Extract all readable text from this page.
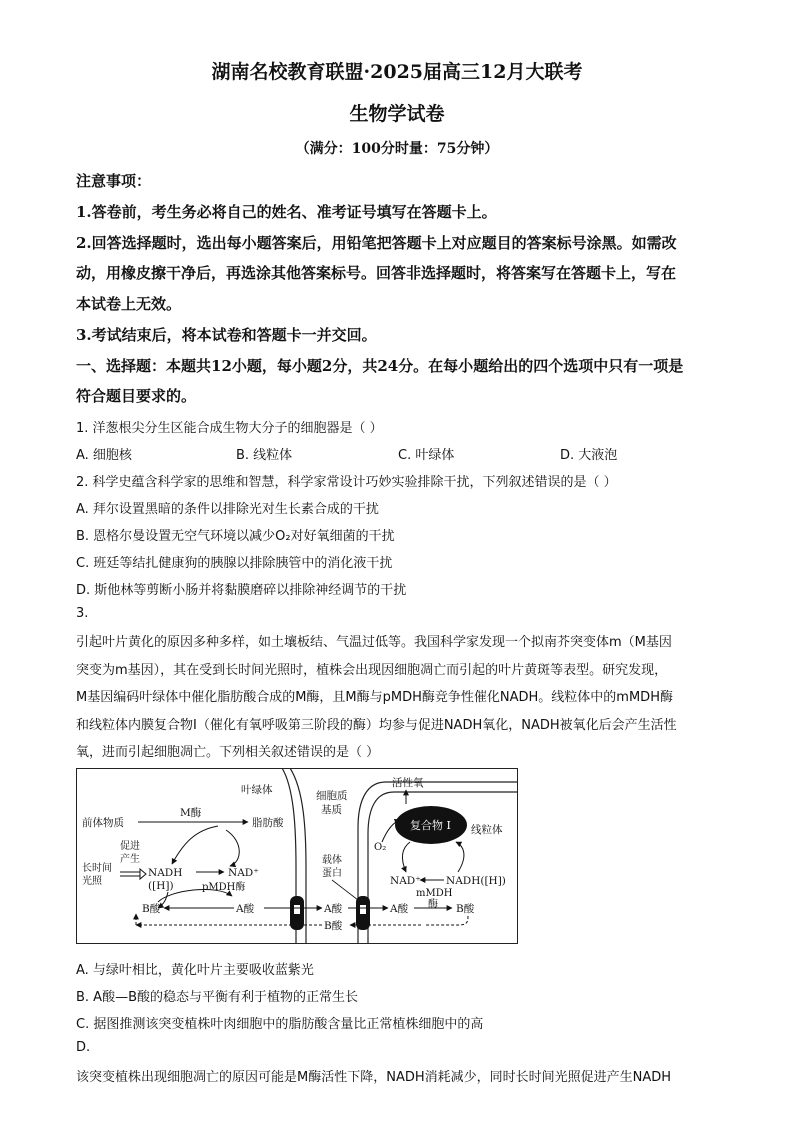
湖南名校教育联盟·2025届高三12月大联考
生物学试卷
（满分：100分时量：75分钟）
注意事项：
1.答卷前，考生务必将自己的姓名、准考证号填写在答题卡上。
2.回答选择题时，选出每小题答案后，用铅笔把答题卡上对应题目的答案标号涂黑。如需改
动，用橡皮擦干净后，再选涂其他答案标号。回答非选择题时，将答案写在答题卡上，写在
本试卷上无效。
3.考试结束后，将本试卷和答题卡一并交回。
一、选择题：本题共12小题，每小题2分，共24分。在每小题给出的四个选项中只有一项是
符合题目要求的。
1. 洋葱根尖分生区能合成生物大分子的细胞器是（ ）
A. 细胞核	B. 线粒体	C. 叶绿体	D. 大液泡
2. 科学史蕴含科学家的思维和智慧，科学家常设计巧妙实验排除干扰，下列叙述错误的是（ ）
A. 拜尔设置黑暗的条件以排除光对生长素合成的干扰
B. 恩格尔曼设置无空气环境以减少O₂对好氧细菌的干扰
C. 班廷等结扎健康狗的胰腺以排除胰管中的消化液干扰
D. 斯他林等剪断小肠并将黏膜磨碎以排除神经调节的干扰
3.
引起叶片黄化的原因多种多样，如土壤板结、气温过低等。我国科学家发现一个拟南芥突变体m（M基因
突变为m基因），其在受到长时间光照时，植株会出现因细胞凋亡而引起的叶片黄斑等表型。研究发现，
M基因编码叶绿体中催化脂肪酸合成的M酶，且M酶与pMDH酶竞争性催化NADH。线粒体中的mMDH酶
和线粒体内膜复合物I（催化有氧呼吸第三阶段的酶）均参与促进NADH氧化，NADH被氧化后会产生活性
氧，进而引起细胞凋亡。下列相关叙述错误的是（ ）
叶绿体	细胞质
基质
活性氧
复合物 I 线粒体
前体物质
M酶
脂肪酸
促进
产生
长时间
光照
NADH
([H])
NAD⁺
pMDH酶
B酸	A酸
载体
蛋白
A酸
B酸
O₂
NAD⁺ NADH([H])
mMDH
酶
A酸	B酸
A. 与绿叶相比，黄化叶片主要吸收蓝紫光
B. A酸—B酸的稳态与平衡有利于植物的正常生长
C. 据图推测该突变植株叶肉细胞中的脂肪酸含量比正常植株细胞中的高
D.
该突变植株出现细胞凋亡的原因可能是M酶活性下降，NADH消耗减少，同时长时间光照促进产生NADH
